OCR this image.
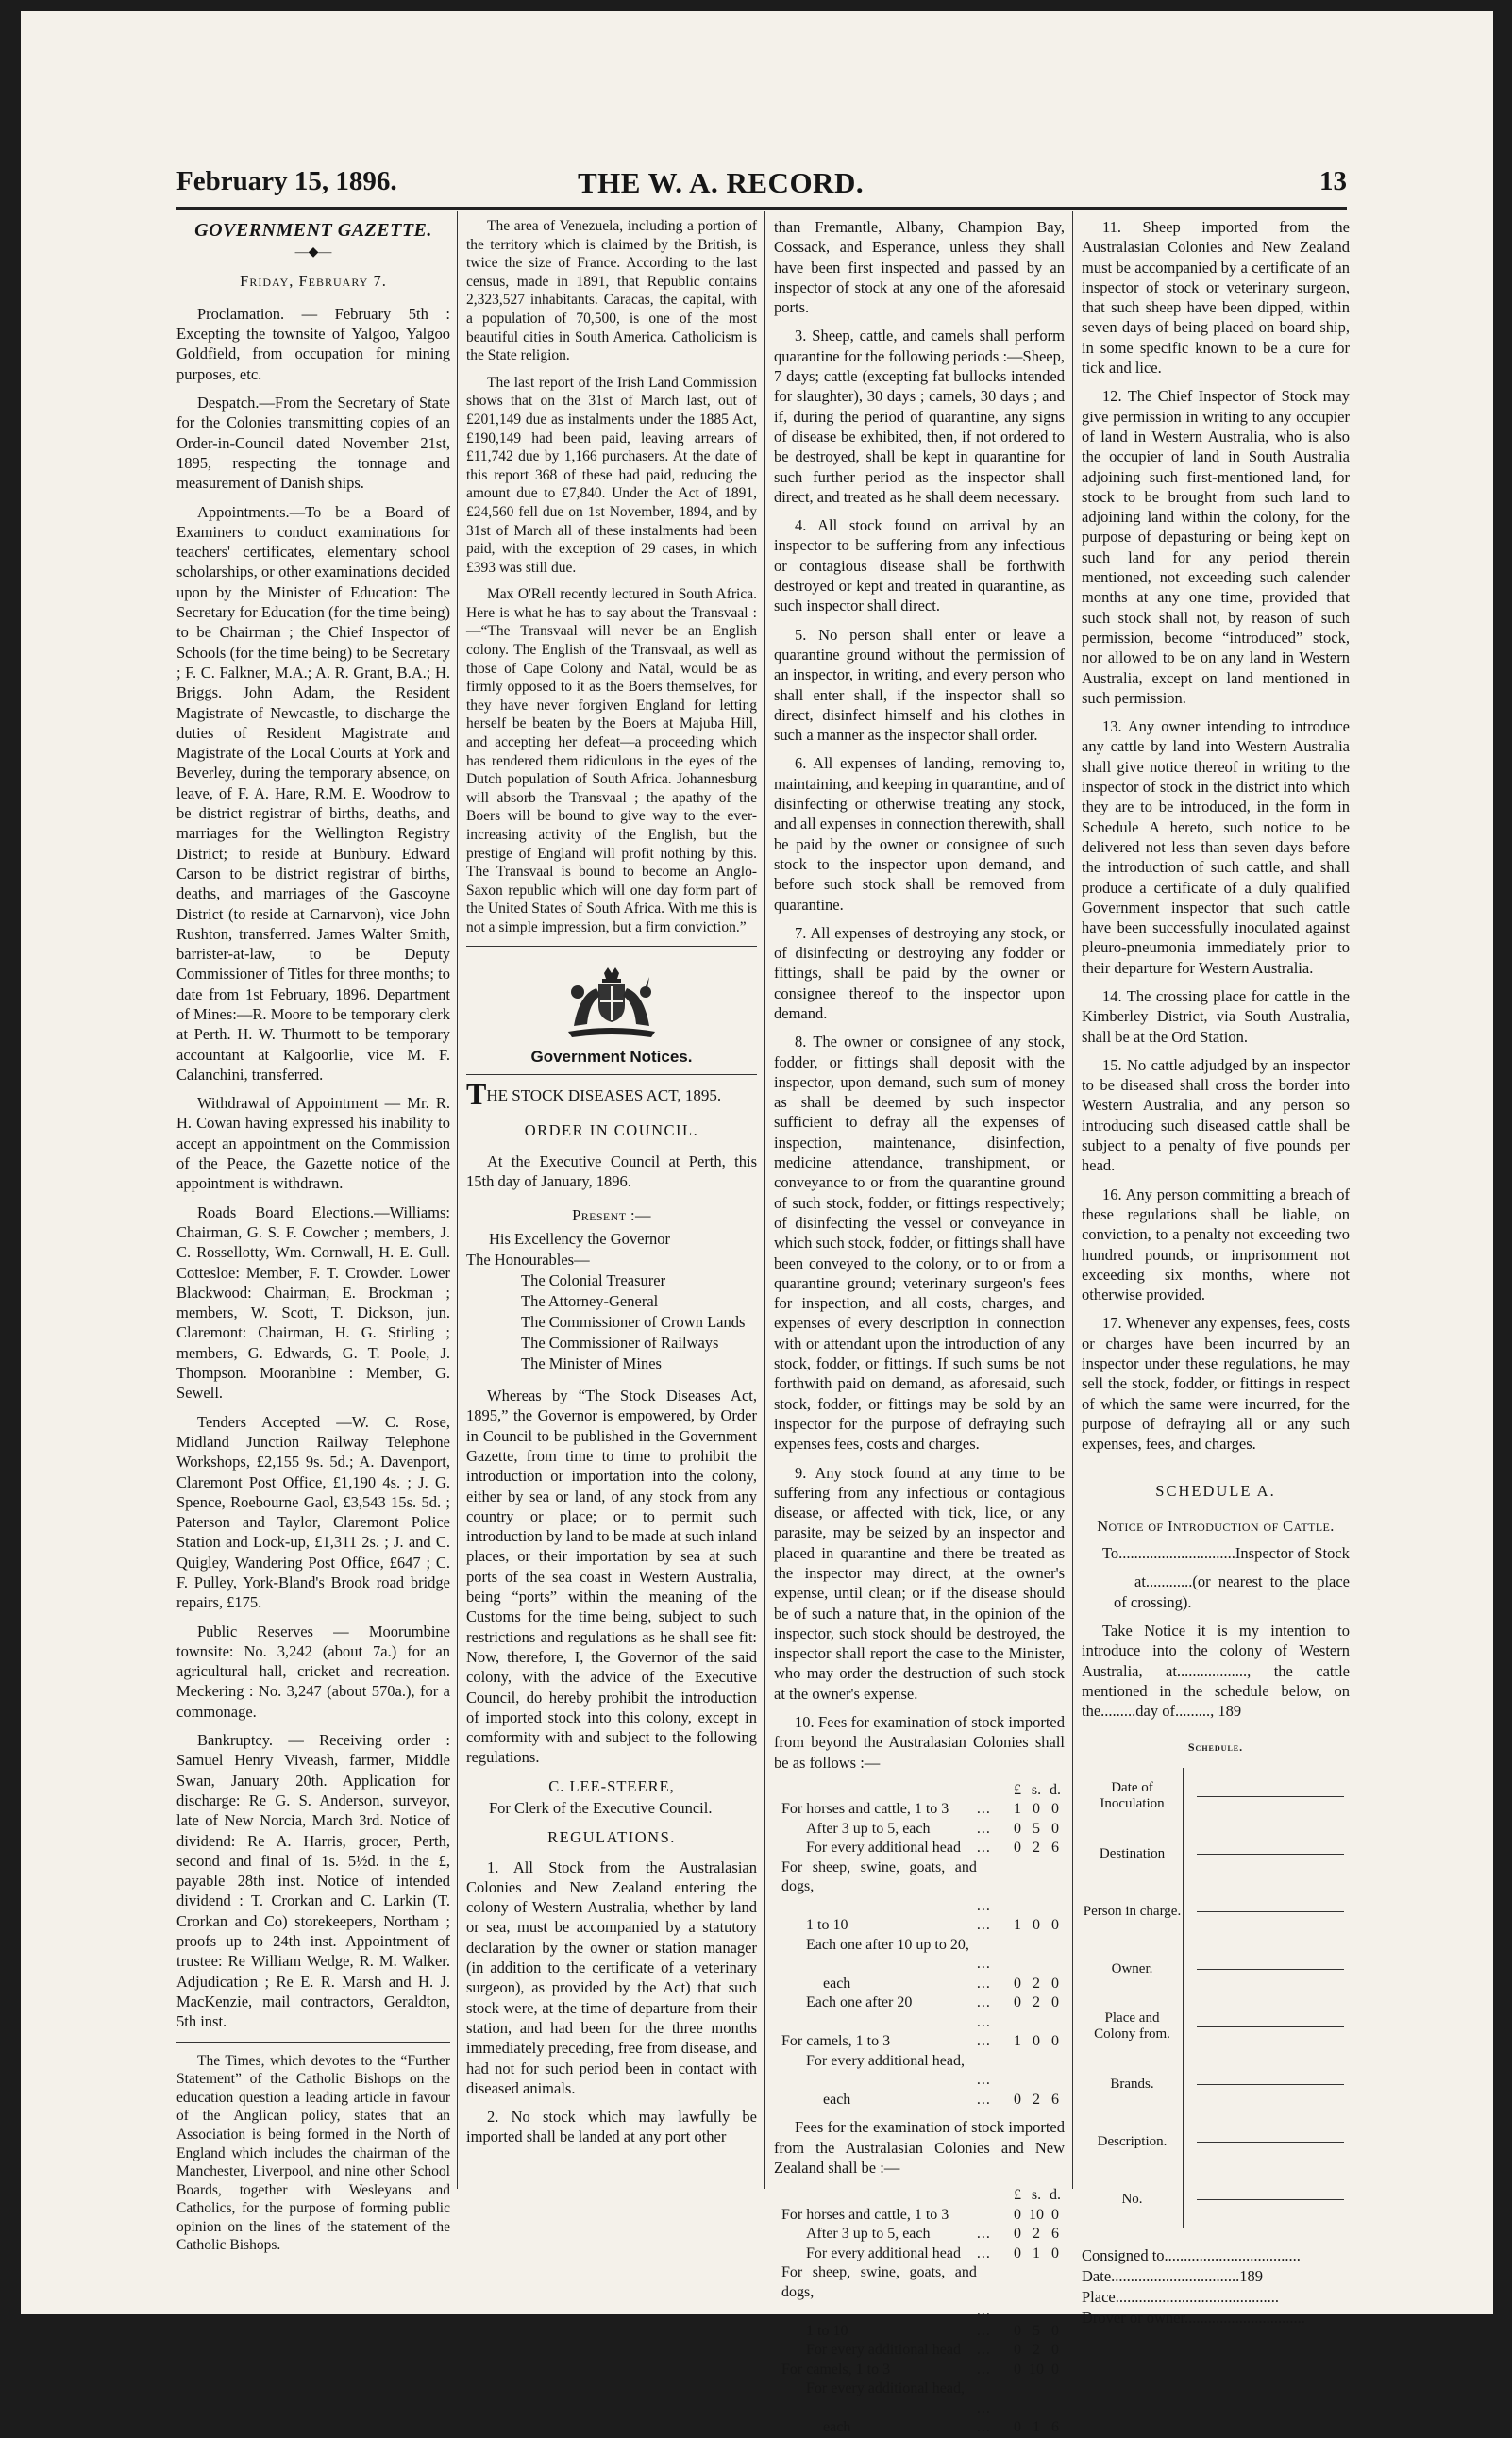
February 15, 1896.	THE W. A. RECORD.	13
GOVERNMENT GAZETTE.
—◆—
Friday, February 7.

Proclamation. — February 5th : Excepting the townsite of Yalgoo, Yalgoo Goldfield, from occupation for mining purposes, etc.

Despatch.—From the Secretary of State for the Colonies transmitting copies of an Order-in-Council dated November 21st, 1895, respecting the tonnage and measurement of Danish ships.

Appointments.—To be a Board of Examiners to conduct examinations for teachers' certificates, elementary school scholarships, or other examinations decided upon by the Minister of Education: The Secretary for Education (for the time being) to be Chairman ; the Chief Inspector of Schools (for the time being) to be Secretary ; F. C. Falkner, M.A.; A. R. Grant, B.A.; H. Briggs. John Adam, the Resident Magistrate of Newcastle, to discharge the duties of Resident Magistrate and Magistrate of the Local Courts at York and Beverley, during the temporary absence, on leave, of F. A. Hare, R.M. E. Woodrow to be district registrar of births, deaths, and marriages for the Wellington Registry District; to reside at Bunbury. Edward Carson to be district registrar of births, deaths, and marriages of the Gascoyne District (to reside at Carnarvon), vice John Rushton, transferred. James Walter Smith, barrister-at-law, to be Deputy Commissioner of Titles for three months; to date from 1st February, 1896. Department of Mines:—R. Moore to be temporary clerk at Perth. H. W. Thurmott to be temporary accountant at Kalgoorlie, vice M. F. Calanchini, transferred.

Withdrawal of Appointment — Mr. R. H. Cowan having expressed his inability to accept an appointment on the Commission of the Peace, the Gazette notice of the appointment is withdrawn.

Roads Board Elections.—Williams: Chairman, G. S. F. Cowcher ; members, J. C. Rossellotty, Wm. Cornwall, H. E. Gull. Cottesloe: Member, F. T. Crowder. Lower Blackwood: Chairman, E. Brockman ; members, W. Scott, T. Dickson, jun. Claremont: Chairman, H. G. Stirling ; members, G. Edwards, G. T. Poole, J. Thompson. Mooranbine : Member, G. Sewell.

Tenders Accepted —W. C. Rose, Midland Junction Railway Telephone Workshops, £2,155 9s. 5d.; A. Davenport, Claremont Post Office, £1,190 4s. ; J. G. Spence, Roebourne Gaol, £3,543 15s. 5d. ; Paterson and Taylor, Claremont Police Station and Lock-up, £1,311 2s. ; J. and C. Quigley, Wandering Post Office, £647 ; C. F. Pulley, York-Bland's Brook road bridge repairs, £175.

Public Reserves — Moorumbine townsite: No. 3,242 (about 7a.) for an agricultural hall, cricket and recreation. Meckering : No. 3,247 (about 570a.), for a commonage.

Bankruptcy. — Receiving order : Samuel Henry Viveash, farmer, Middle Swan, January 20th. Application for discharge: Re G. S. Anderson, surveyor, late of New Norcia, March 3rd. Notice of dividend: Re A. Harris, grocer, Perth, second and final of 1s. 5½d. in the £, payable 28th inst. Notice of intended dividend : T. Crorkan and C. Larkin (T. Crorkan and Co) storekeepers, Northam ; proofs up to 24th inst. Appointment of trustee: Re William Wedge, R. M. Walker. Adjudication ; Re E. R. Marsh and H. J. MacKenzie, mail contractors, Geraldton, 5th inst.

The Times, which devotes to the “Further Statement” of the Catholic Bishops on the education question a leading article in favour of the Anglican policy, states that an Association is being formed in the North of England which includes the chairman of the Manchester, Liverpool, and nine other School Boards, together with Wesleyans and Catholics, for the purpose of forming public opinion on the lines of the statement of the Catholic Bishops.

The area of Venezuela, including a portion of the territory which is claimed by the British, is twice the size of France. According to the last census, made in 1891, that Republic contains 2,323,527 inhabitants. Caracas, the capital, with a population of 70,500, is one of the most beautiful cities in South America. Catholicism is the State religion.

The last report of the Irish Land Commission shows that on the 31st of March last, out of £201,149 due as instalments under the 1885 Act, £190,149 had been paid, leaving arrears of £11,742 due by 1,166 purchasers. At the date of this report 368 of these had paid, reducing the amount due to £7,840. Under the Act of 1891, £24,560 fell due on 1st November, 1894, and by 31st of March all of these instalments had been paid, with the exception of 29 cases, in which £393 was still due.

Max O'Rell recently lectured in South Africa. Here is what he has to say about the Transvaal :—“The Transvaal will never be an English colony. The English of the Transvaal, as well as those of Cape Colony and Natal, would be as firmly opposed to it as the Boers themselves, for they have never forgiven England for letting herself be beaten by the Boers at Majuba Hill, and accepting her defeat—a proceeding which has rendered them ridiculous in the eyes of the Dutch population of South Africa. Johannesburg will absorb the Transvaal ; the apathy of the Boers will be bound to give way to the ever-increasing activity of the English, but the prestige of England will profit nothing by this. The Transvaal is bound to become an Anglo-Saxon republic which will one day form part of the United States of South Africa. With me this is not a simple impression, but a firm conviction.”

Government Notices.

THE STOCK DISEASES ACT, 1895.

ORDER IN COUNCIL.

At the Executive Council at Perth, this 15th day of January, 1896.

Present :—
His Excellency the Governor
The Honourables—
The Colonial Treasurer
The Attorney-General
The Commissioner of Crown Lands
The Commissioner of Railways
The Minister of Mines

Whereas by “The Stock Diseases Act, 1895,” the Governor is empowered, by Order in Council to be published in the Government Gazette, from time to time to prohibit the introduction or importation into the colony, either by sea or land, of any stock from any country or place; or to permit such introduction by land to be made at such inland places, or their importation by sea at such ports of the sea coast in Western Australia, being “ports” within the meaning of the Customs for the time being, subject to such restrictions and regulations as he shall see fit: Now, therefore, I, the Governor of the said colony, with the advice of the Executive Council, do hereby prohibit the introduction of imported stock into this colony, except in comformity with and subject to the following regulations.

C. LEE-STEERE,
For Clerk of the Executive Council.
REGULATIONS.

1. All Stock from the Australasian Colonies and New Zealand entering the colony of Western Australia, whether by land or sea, must be accompanied by a statutory declaration by the owner or station manager (in addition to the certificate of a veterinary surgeon), as provided by the Act) that such stock were, at the time of departure from their station, and had been for the three months immediately preceding, free from disease, and had not for such period been in contact with diseased animals.

2. No stock which may lawfully be imported shall be landed at any port other

than Fremantle, Albany, Champion Bay, Cossack, and Esperance, unless they shall have been first inspected and passed by an inspector of stock at any one of the aforesaid ports.

3. Sheep, cattle, and camels shall perform quarantine for the following periods :—Sheep, 7 days; cattle (excepting fat bullocks intended for slaughter), 30 days ; camels, 30 days ; and if, during the period of quarantine, any signs of disease be exhibited, then, if not ordered to be destroyed, shall be kept in quarantine for such further period as the inspector shall direct, and treated as he shall deem necessary.

4. All stock found on arrival by an inspector to be suffering from any infectious or contagious disease shall be forthwith destroyed or kept and treated in quarantine, as such inspector shall direct.

5. No person shall enter or leave a quarantine ground without the permission of an inspector, in writing, and every person who shall enter shall, if the inspector shall so direct, disinfect himself and his clothes in such a manner as the inspector shall order.

6. All expenses of landing, removing to, maintaining, and keeping in quarantine, and of disinfecting or otherwise treating any stock, and all expenses in connection therewith, shall be paid by the owner or consignee of such stock to the inspector upon demand, and before such stock shall be removed from quarantine.

7. All expenses of destroying any stock, or of disinfecting or destroying any fodder or fittings, shall be paid by the owner or consignee thereof to the inspector upon demand.

8. The owner or consignee of any stock, fodder, or fittings shall deposit with the inspector, upon demand, such sum of money as shall be deemed by such inspector sufficient to defray all the expenses of inspection, maintenance, disinfection, medicine attendance, transhipment, or conveyance to or from the quarantine ground of such stock, fodder, or fittings respectively; of disinfecting the vessel or conveyance in which such stock, fodder, or fittings shall have been conveyed to the colony, or to or from a quarantine ground; veterinary surgeon's fees for inspection, and all costs, charges, and expenses of every description in connection with or attendant upon the introduction of any stock, fodder, or fittings. If such sums be not forthwith paid on demand, as aforesaid, such stock, fodder, or fittings may be sold by an inspector for the purpose of defraying such expenses fees, costs and charges.

9. Any stock found at any time to be suffering from any infectious or contagious disease, or affected with tick, lice, or any parasite, may be seized by an inspector and placed in quarantine and there be treated as the inspector may direct, at the owner's expense, until clean; or if the disease should be of such a nature that, in the opinion of the inspector, such stock should be destroyed, the inspector shall report the case to the Minister, who may order the destruction of such stock at the owner's expense.

10. Fees for examination of stock imported from beyond the Australasian Colonies shall be as follows :—

		£	s.	d.
For horses and cattle, 1 to 3	...	1	0	0
After 3 up to 5, each	...	0	5	0
For every additional head	...	0	2	6
For sheep, swine, goats, and dogs,				
1 to 10	... ...	1	0	0
Each one after 10 up to 20,				
each	... ...	0	2	0
Each one after 20	...	0	2	0
For camels, 1 to 3	... ...	1	0	0
For every additional head,				
each	... ...	0	2	6

Fees for the examination of stock imported from the Australasian Colonies and New Zealand shall be :—

		£	s.	d.
For horses and cattle, 1 to 3		0	10	0
After 3 up to 5, each	...	0	2	6
For every additional head	...	0	1	0
For sheep, swine, goats, and dogs,				
1 to 10	... ...	0	5	0
For every additional head	...	0	2	0
For camels, 1 to 3	...	0	10	0
For every additional head,				
each	... ...	0	1	6

11. Sheep imported from the Australasian Colonies and New Zealand must be accompanied by a certificate of an inspector of stock or veterinary surgeon, that such sheep have been dipped, within seven days of being placed on board ship, in some specific known to be a cure for tick and lice.

12. The Chief Inspector of Stock may give permission in writing to any occupier of land in Western Australia, who is also the occupier of land in South Australia adjoining such first-mentioned land, for stock to be brought from such land to adjoining land within the colony, for the purpose of depasturing or being kept on such land for any period therein mentioned, not exceeding such calender months at any one time, provided that such stock shall not, by reason of such permission, become “introduced” stock, nor allowed to be on any land in Western Australia, except on land mentioned in such permission.

13. Any owner intending to introduce any cattle by land into Western Australia shall give notice thereof in writing to the inspector of stock in the district into which they are to be introduced, in the form in Schedule A hereto, such notice to be delivered not less than seven days before the introduction of such cattle, and shall produce a certificate of a duly qualified Government inspector that such cattle have been successfully inoculated against pleuro-pneumonia immediately prior to their departure for Western Australia.

14. The crossing place for cattle in the Kimberley District, via South Australia, shall be at the Ord Station.

15. No cattle adjudged by an inspector to be diseased shall cross the border into Western Australia, and any person so introducing such diseased cattle shall be subject to a penalty of five pounds per head.

16. Any person committing a breach of these regulations shall be liable, on conviction, to a penalty not exceeding two hundred pounds, or imprisonment not exceeding six months, where not otherwise provided.

17. Whenever any expenses, fees, costs or charges have been incurred by an inspector under these regulations, he may sell the stock, fodder, or fittings in respect of which the same were incurred, for the purpose of defraying all or any such expenses, fees, and charges.

SCHEDULE A.
Notice of Introduction of Cattle.

To..............................Inspector of Stock

at............(or nearest to the place of crossing).

Take Notice it is my intention to introduce into the colony of Western Australia, at.................., the cattle mentioned in the schedule below, on the.........day of........., 189

Schedule.
Date of Inoculation	

Destination	

Person in charge.	

Owner.	

Place and Colony from.	

Brands.	

Description.	

No.	
Consigned to...................................
Date.................................189
Place..........................................
Drover or owner...............................
